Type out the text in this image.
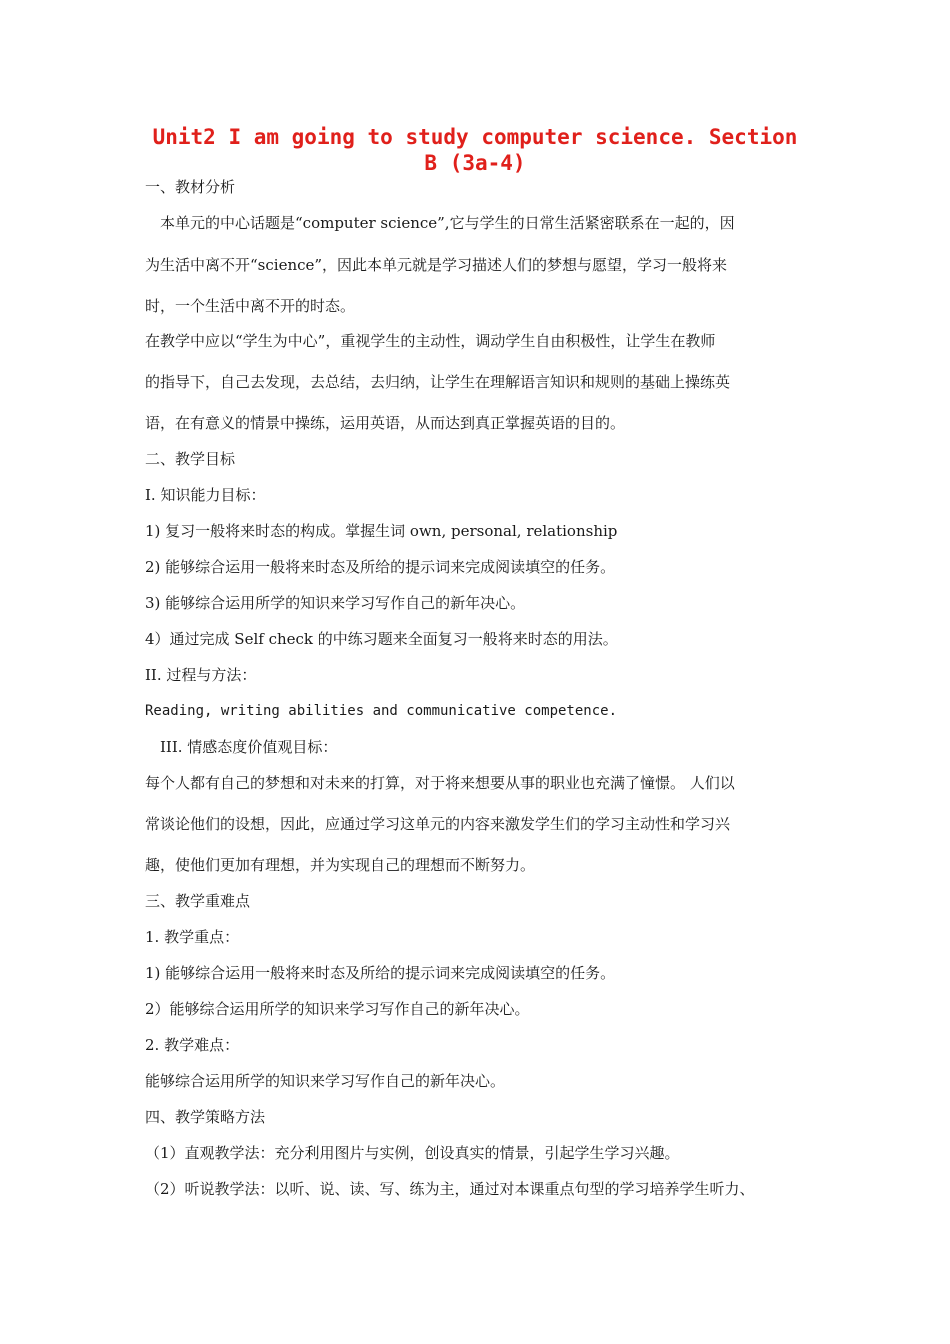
Unit2 I am going to study computer science. Section B (3a-4)
一、教材分析
　本单元的中心话题是“computer science”,它与学生的日常生活紧密联系在一起的，因
为生活中离不开“science”，因此本单元就是学习描述人们的梦想与愿望，学习一般将来
时，一个生活中离不开的时态。
在教学中应以“学生为中心”，重视学生的主动性，调动学生自由积极性，让学生在教师
的指导下，自己去发现，去总结，去归纳，让学生在理解语言知识和规则的基础上操练英
语，在有意义的情景中操练，运用英语，从而达到真正掌握英语的目的。
二、教学目标
I. 知识能力目标：
1) 复习一般将来时态的构成。掌握生词 own, personal, relationship
2) 能够综合运用一般将来时态及所给的提示词来完成阅读填空的任务。
3) 能够综合运用所学的知识来学习写作自己的新年决心。
4）通过完成 Self check 的中练习题来全面复习一般将来时态的用法。
II. 过程与方法：
Reading, writing abilities and communicative competence.
　III. 情感态度价值观目标：
每个人都有自己的梦想和对未来的打算，对于将来想要从事的职业也充满了憧憬。 人们以
常谈论他们的设想，因此，应通过学习这单元的内容来激发学生们的学习主动性和学习兴
趣，使他们更加有理想，并为实现自己的理想而不断努力。
三、教学重难点
1. 教学重点：
1) 能够综合运用一般将来时态及所给的提示词来完成阅读填空的任务。
2）能够综合运用所学的知识来学习写作自己的新年决心。
2. 教学难点：
能够综合运用所学的知识来学习写作自己的新年决心。
四、教学策略方法
（1）直观教学法：充分利用图片与实例，创设真实的情景，引起学生学习兴趣。
（2）听说教学法：以听、说、读、写、练为主，通过对本课重点句型的学习培养学生听力、
